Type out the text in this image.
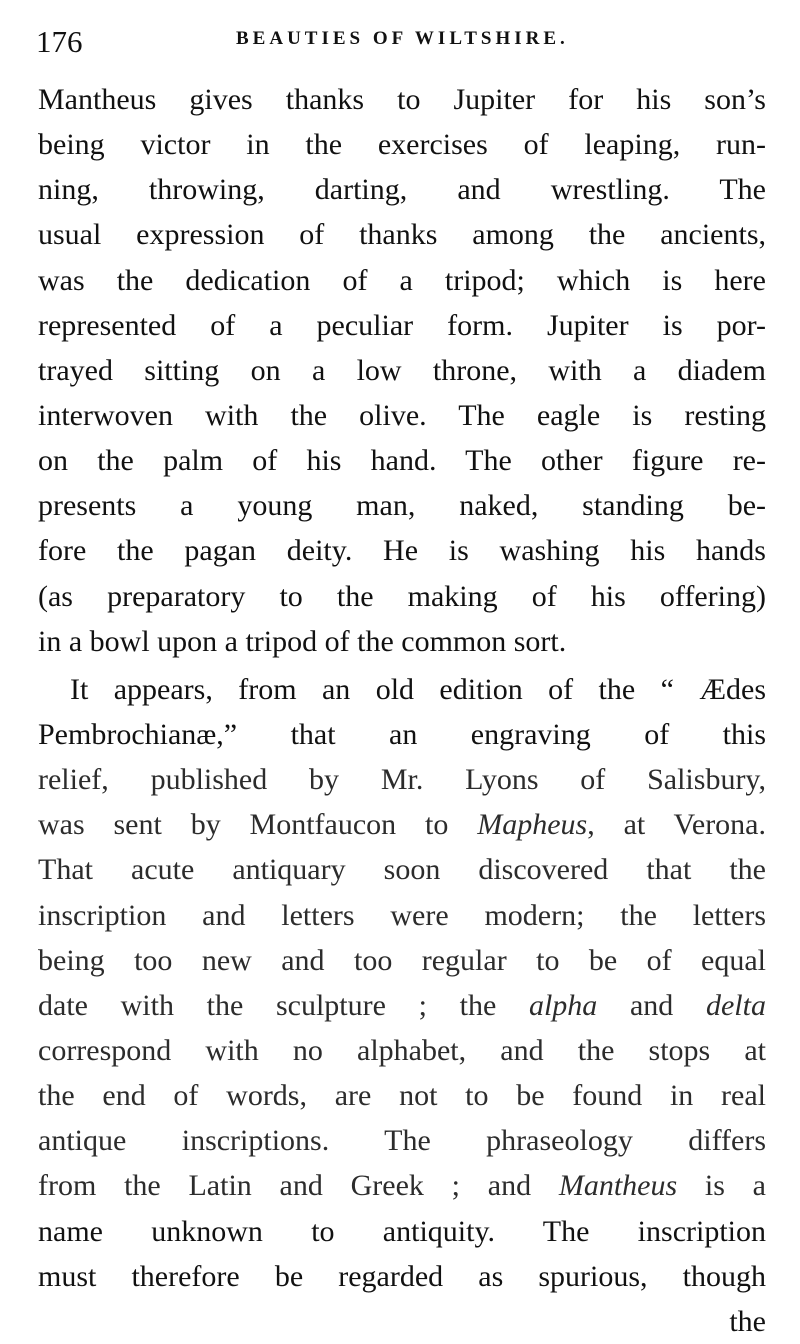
176	BEAUTIES OF WILTSHIRE.
Mantheus gives thanks to Jupiter for his son’s
being victor in the exercises of leaping, run-
ning, throwing, darting, and wrestling. The
usual expression of thanks among the ancients,
was the dedication of a tripod; which is here
represented of a peculiar form. Jupiter is por-
trayed sitting on a low throne, with a diadem
interwoven with the olive. The eagle is resting
on the palm of his hand. The other figure re-
presents a young man, naked, standing be-
fore the pagan deity. He is washing his hands
(as preparatory to the making of his offering)
in a bowl upon a tripod of the common sort.
It appears, from an old edition of the “ Ædes
Pembrochianæ,” that an engraving of this
relief, published by Mr. Lyons of Salisbury,
was sent by Montfaucon to Mapheus, at Verona.
That acute antiquary soon discovered that the
inscription and letters were modern; the letters
being too new and too regular to be of equal
date with the sculpture ; the alpha and delta
correspond with no alphabet, and the stops at
the end of words, are not to be found in real
antique inscriptions. The phraseology differs
from the Latin and Greek ; and Mantheus is a
name unknown to antiquity. The inscription
must therefore be regarded as spurious, though
the
